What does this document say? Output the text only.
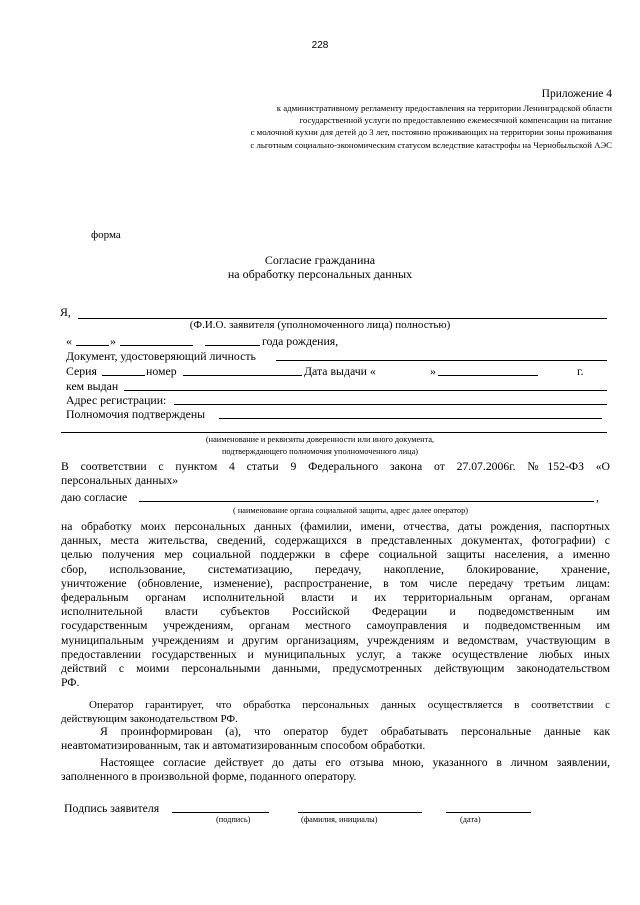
228
Приложение 4
к административному регламенту предоставления на территории Ленинградской области
государственной услуги по предоставлению ежемесячной компенсации на питание
с молочной кухни для детей до 3 лет, постоянно проживающих на территории зоны проживания
с льготным социально-экономическим статусом вследствие катастрофы на Чернобыльской АЭС
форма
Согласие гражданина
на обработку персональных данных
Я,
(Ф.И.О. заявителя (уполномоченного лица) полностью)
«	»	года рождения,
Документ, удостоверяющий личность
Серия	номер	Дата выдачи «	»	г.
кем выдан
Адрес регистрации:
Полномочия подтверждены
(наименование и реквизиты доверенности или иного документа,
подтверждающего полномочия уполномоченного лица)
В соответствии с пунктом 4 статьи 9 Федерального закона от 27.07.2006г. №152-ФЗ «О
персональных данных»
даю согласие	,
( наименование органа социальной защиты, адрес далее оператор)
на обработку моих персональных данных (фамилии, имени, отчества, даты рождения, паспортных
данных, места жительства, сведений, содержащихся в представленных документах, фотографии) с
целью получения мер социальной поддержки в сфере социальной защиты населения, а именно
сбор, использование, систематизацию, передачу, накопление, блокирование, хранение,
уничтожение (обновление, изменение), распространение, в том числе передачу третьим лицам:
федеральным органам исполнительной власти и их территориальным органам, органам
исполнительной власти субъектов Российской Федерации и подведомственным им
государственным учреждениям, органам местного самоуправления и подведомственным им
муниципальным учреждениям и другим организациям, учреждениям и ведомствам, участвующим в
предоставлении государственных и муниципальных услуг, а также осуществление любых иных
действий с моими персональными данными, предусмотренных действующим законодательством
РФ.
Оператор гарантирует, что обработка персональных данных осуществляется в соответствии с
действующим законодательством РФ.
Я проинформирован (а), что оператор будет обрабатывать персональные данные как
неавтоматизированным, так и автоматизированным способом обработки.
Настоящее согласие действует до даты его отзыва мною, указанного в личном заявлении,
заполненного в произвольной форме, поданного оператору.
Подпись заявителя
(подпись)	(фамилия, инициалы)	(дата)
